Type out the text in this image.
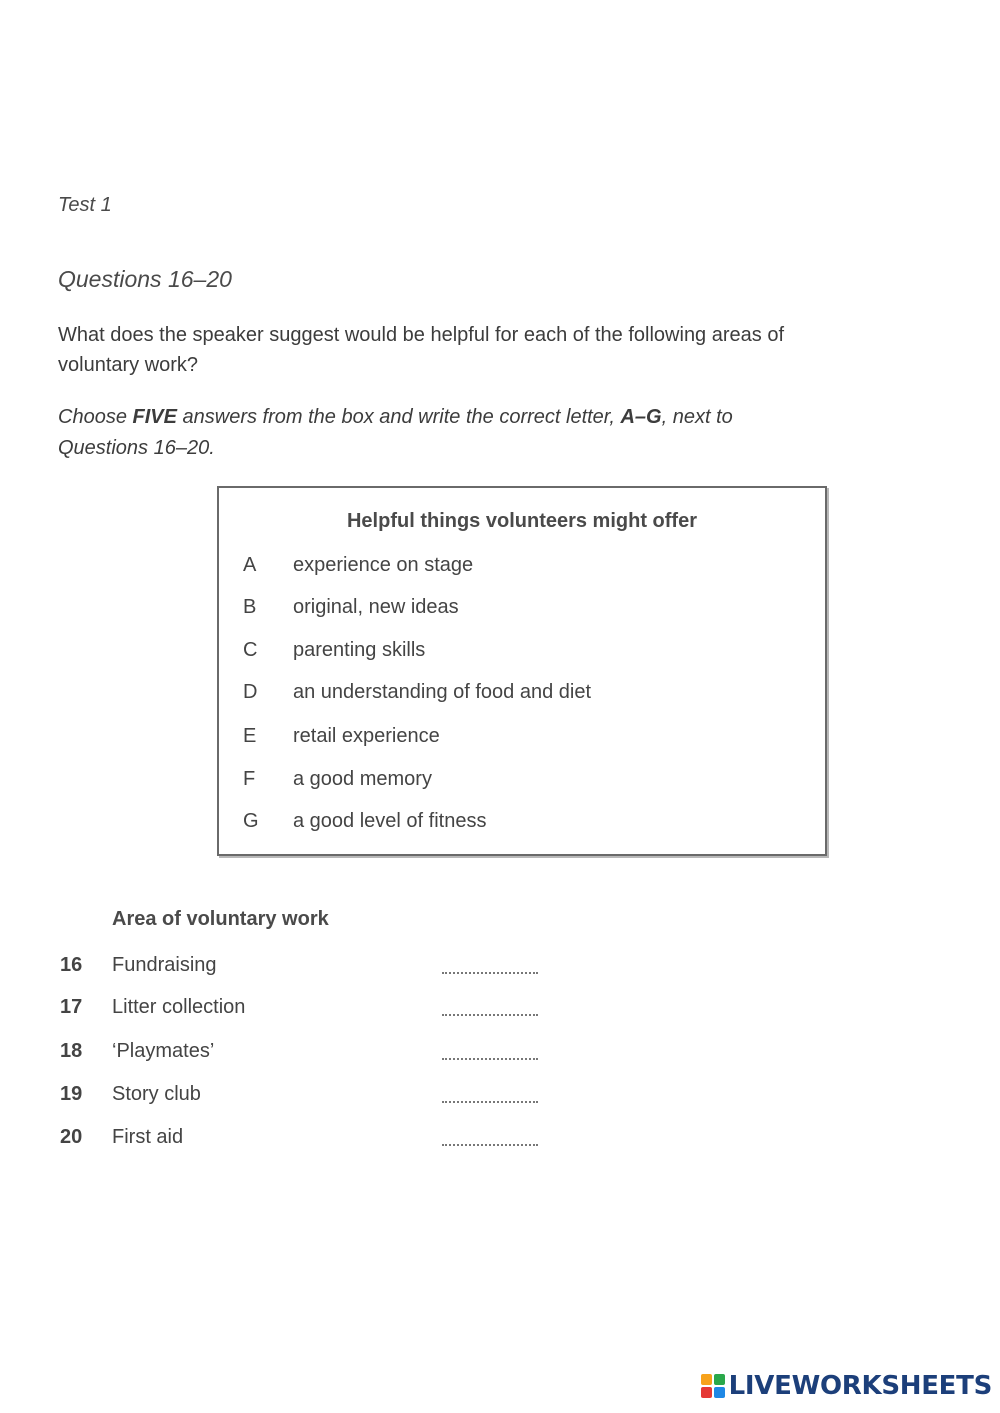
Test 1
Questions 16–20
What does the speaker suggest would be helpful for each of the following areas of
voluntary work?
Choose FIVE answers from the box and write the correct letter, A–G, next to
Questions 16–20.
Helpful things volunteers might offer
A experience on stage
B original, new ideas
C parenting skills
D an understanding of food and diet
E retail experience
F a good memory
G a good level of fitness
Area of voluntary work
16 Fundraising
17 Litter collection
18 ‘Playmates’
19 Story club
20 First aid
LIVEWORKSHEETS
